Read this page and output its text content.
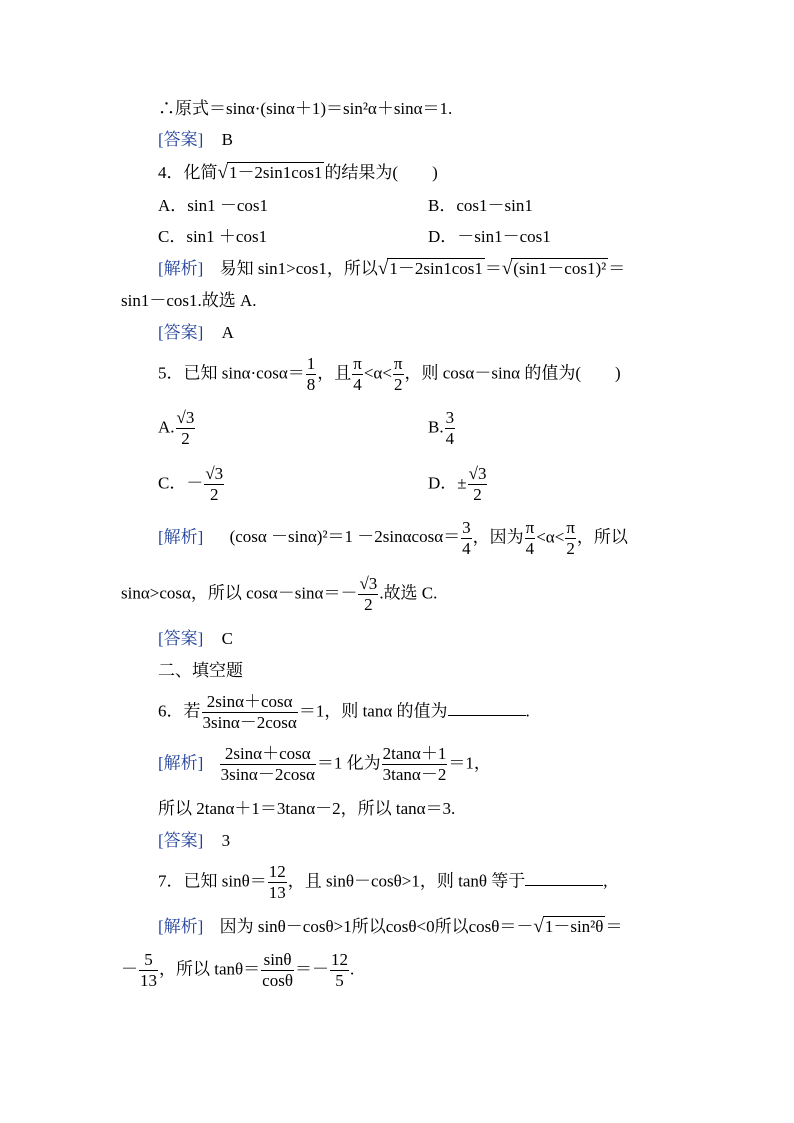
∴原式＝sinα·(sinα＋1)＝sin²α＋sinα＝1.
[答案] B
4．化简√1－2sin1cos1 的结果为(　　)
A．sin1 －cos1	B．cos1－sin1
C．sin1 ＋cos1	D．－sin1－cos1
[解析] 易知 sin1>cos1，所以√1－2sin1cos1 ＝√(sin1－cos1)² ＝
sin1－cos1.故选 A.
[答案] A
5．已知 $\sin\alpha\cdot\cos\alpha= \frac{1}{8}$ ，且 $\frac{\pi}{4} <\alpha< \frac{\pi}{2}$ ，则 cosα－sinα 的值为(　　)
A. $\frac{√3}{2}$	B. $\frac{3}{4}$
C．－ $\frac{√3}{2}$	D．± $\frac{√3}{2}$
[解析] $(\cos\alpha -\sin\alpha)^2=1 -2\sin\alpha\cos\alpha= \frac{3}{4}$ ，因为 $\frac{\pi}{4} <\alpha< \frac{\pi}{2}$ ，所以
sinα>cosα，所以 $\cos\alpha-\sin\alpha=- \frac{√3}{2}$ .故选 C.
[答案] C
二、填空题
6．若 $\frac{2\sin\alpha+\cos\alpha}{3\sin\alpha-2\cos\alpha} =1$，则 tanα 的值为	.
[解析] $\frac{2\sin\alpha+\cos\alpha}{3\sin\alpha-2\cos\alpha} =1$ 化为 $\frac{2\tan\alpha+1}{3\tan\alpha-2} =1$，
所以 2tanα＋1＝3tanα－2，所以 tanα＝3.
[答案] 3
7．已知 $\sin\theta= \frac{12}{13}$ ，且 sinθ－cosθ>1，则 tanθ 等于	,
[解析] 因为 sinθ－cosθ>1所以cosθ<0所以cosθ＝－√1－sin²θ ＝
－ $\frac{5}{13}$ ，所以 $\tan\theta= \frac{\sin\theta}{\cos\theta} =- \frac{12}{5}$ .
